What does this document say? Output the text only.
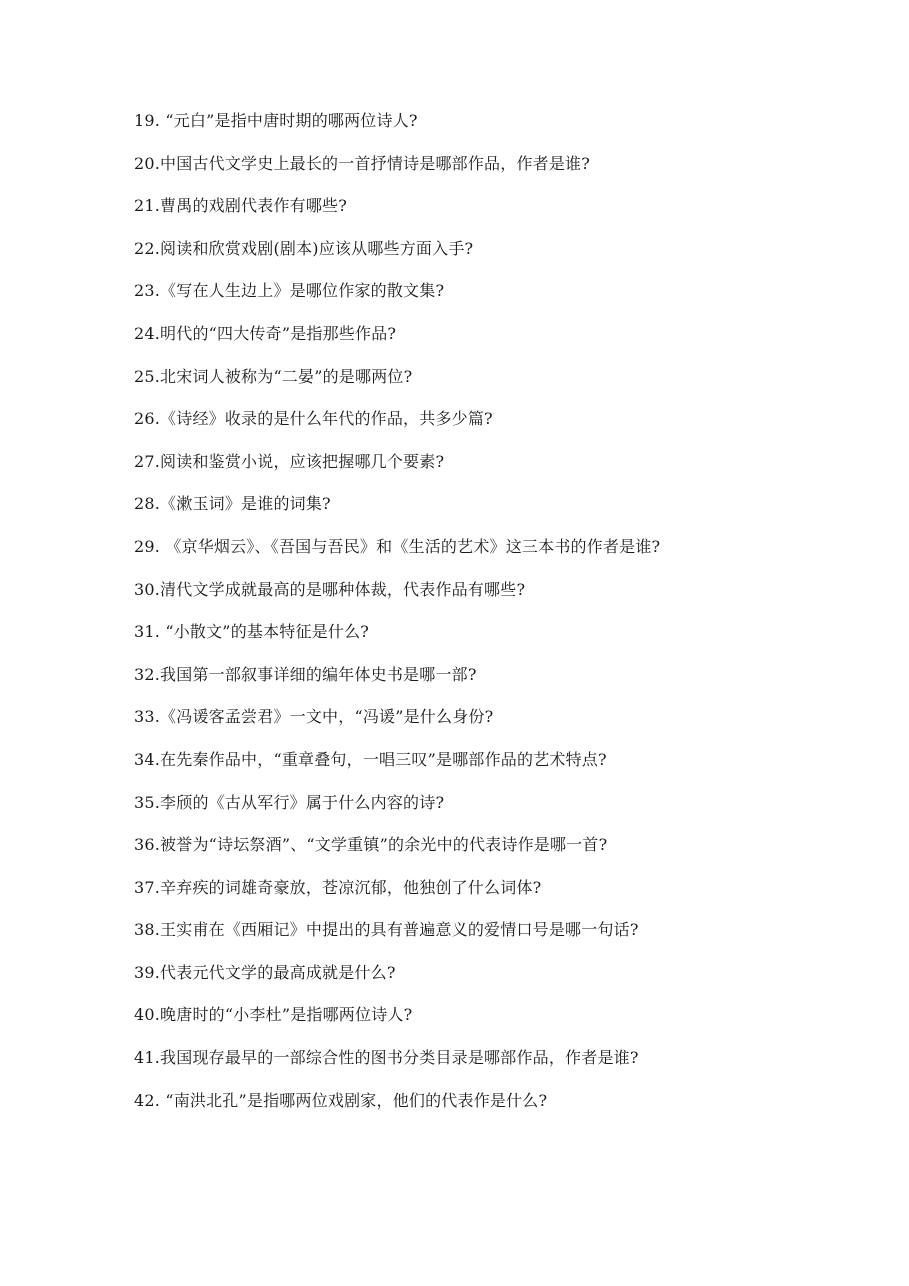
19. “元白”是指中唐时期的哪两位诗人?
20.中国古代文学史上最长的一首抒情诗是哪部作品，作者是谁?
21.曹禺的戏剧代表作有哪些?
22.阅读和欣赏戏剧(剧本)应该从哪些方面入手?
23.《写在人生边上》是哪位作家的散文集?
24.明代的“四大传奇”是指那些作品?
25.北宋词人被称为“二晏”的是哪两位?
26.《诗经》收录的是什么年代的作品，共多少篇?
27.阅读和鉴赏小说，应该把握哪几个要素?
28.《漱玉词》是谁的词集?
29. 《京华烟云》、《吾国与吾民》和《生活的艺术》这三本书的作者是谁?
30.清代文学成就最高的是哪种体裁，代表作品有哪些?
31. “小散文”的基本特征是什么?
32.我国第一部叙事详细的编年体史书是哪一部?
33.《冯谖客孟尝君》一文中，“冯谖”是什么身份?
34.在先秦作品中，“重章叠句，一唱三叹”是哪部作品的艺术特点?
35.李颀的《古从军行》属于什么内容的诗?
36.被誉为“诗坛祭酒”、“文学重镇”的余光中的代表诗作是哪一首?
37.辛弃疾的词雄奇豪放，苍凉沉郁，他独创了什么词体?
38.王实甫在《西厢记》中提出的具有普遍意义的爱情口号是哪一句话?
39.代表元代文学的最高成就是什么?
40.晚唐时的“小李杜”是指哪两位诗人?
41.我国现存最早的一部综合性的图书分类目录是哪部作品，作者是谁?
42. “南洪北孔”是指哪两位戏剧家，他们的代表作是什么?
